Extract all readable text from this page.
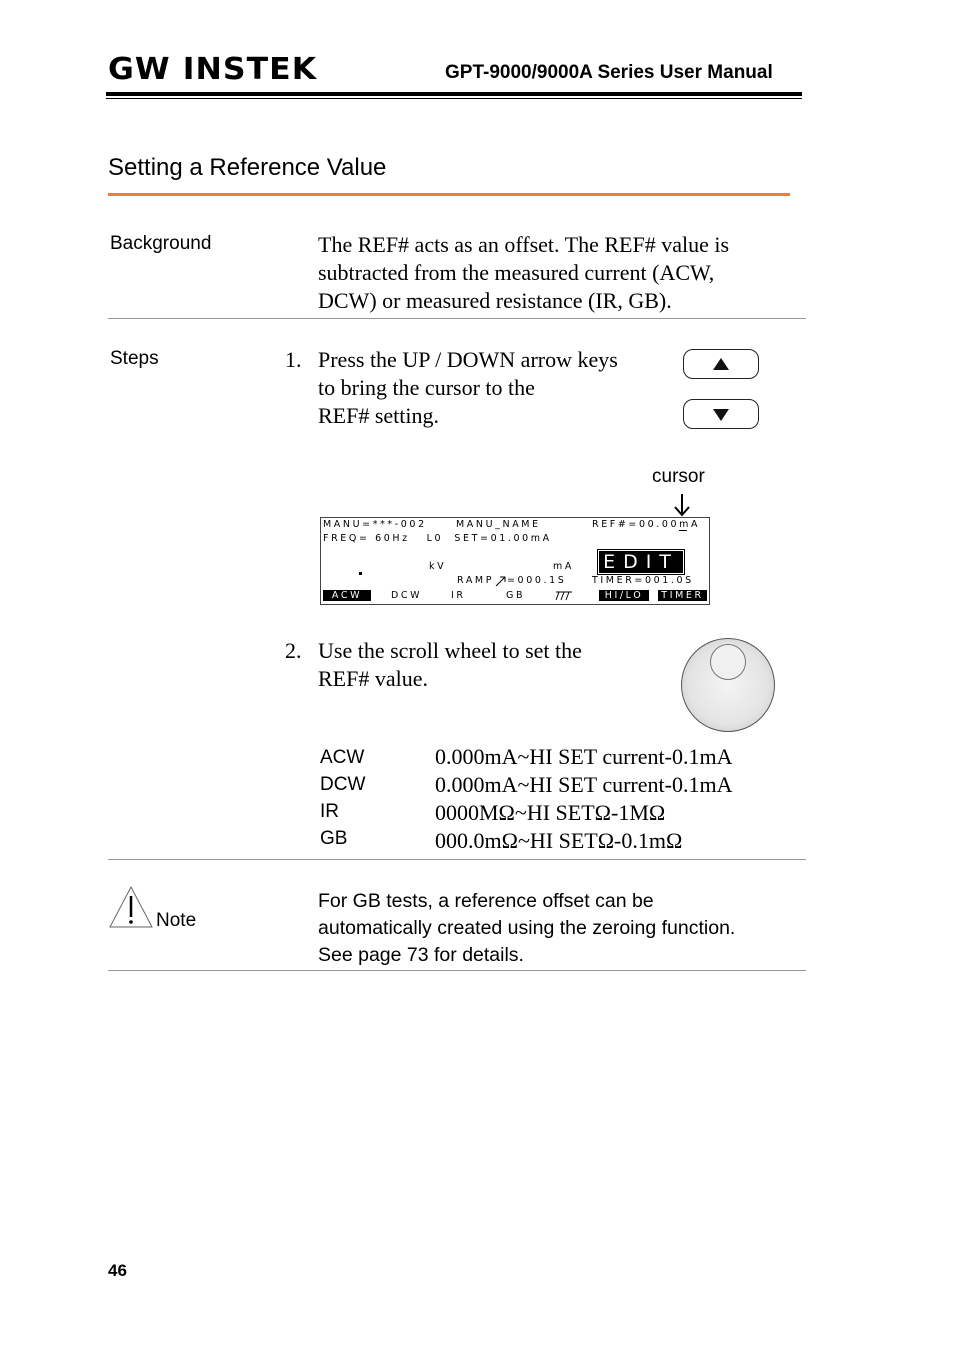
GW INSTEK	GPT-9000/9000A Series User Manual
Setting a Reference Value
Background	The REF# acts as an offset. The REF# value is
subtracted from the measured current (ACW,
DCW) or measured resistance (IR, GB).
Steps	1. Press the UP / DOWN arrow keys
to bring the cursor to the
REF# setting.
cursor
MANU=***-002	MANU_NAME	REF#=00.00mA
FREQ= 60Hz   L0  SET=01.00mA
kV	mA EDIT
RAMP =000.1S	TIMER=001.0S
ACW	DCW	IR	GB	HI/LO	TIMER
2. Use the scroll wheel to set the
REF# value.
ACW	0.000mA~HI SET current-0.1mA
DCW	0.000mA~HI SET current-0.1mA
IR	0000MΩ~HI SETΩ-1MΩ
GB	000.0mΩ~HI SETΩ-0.1mΩ
Note
For GB tests, a reference offset can be
automatically created using the zeroing function.
See page 73 for details.
46
